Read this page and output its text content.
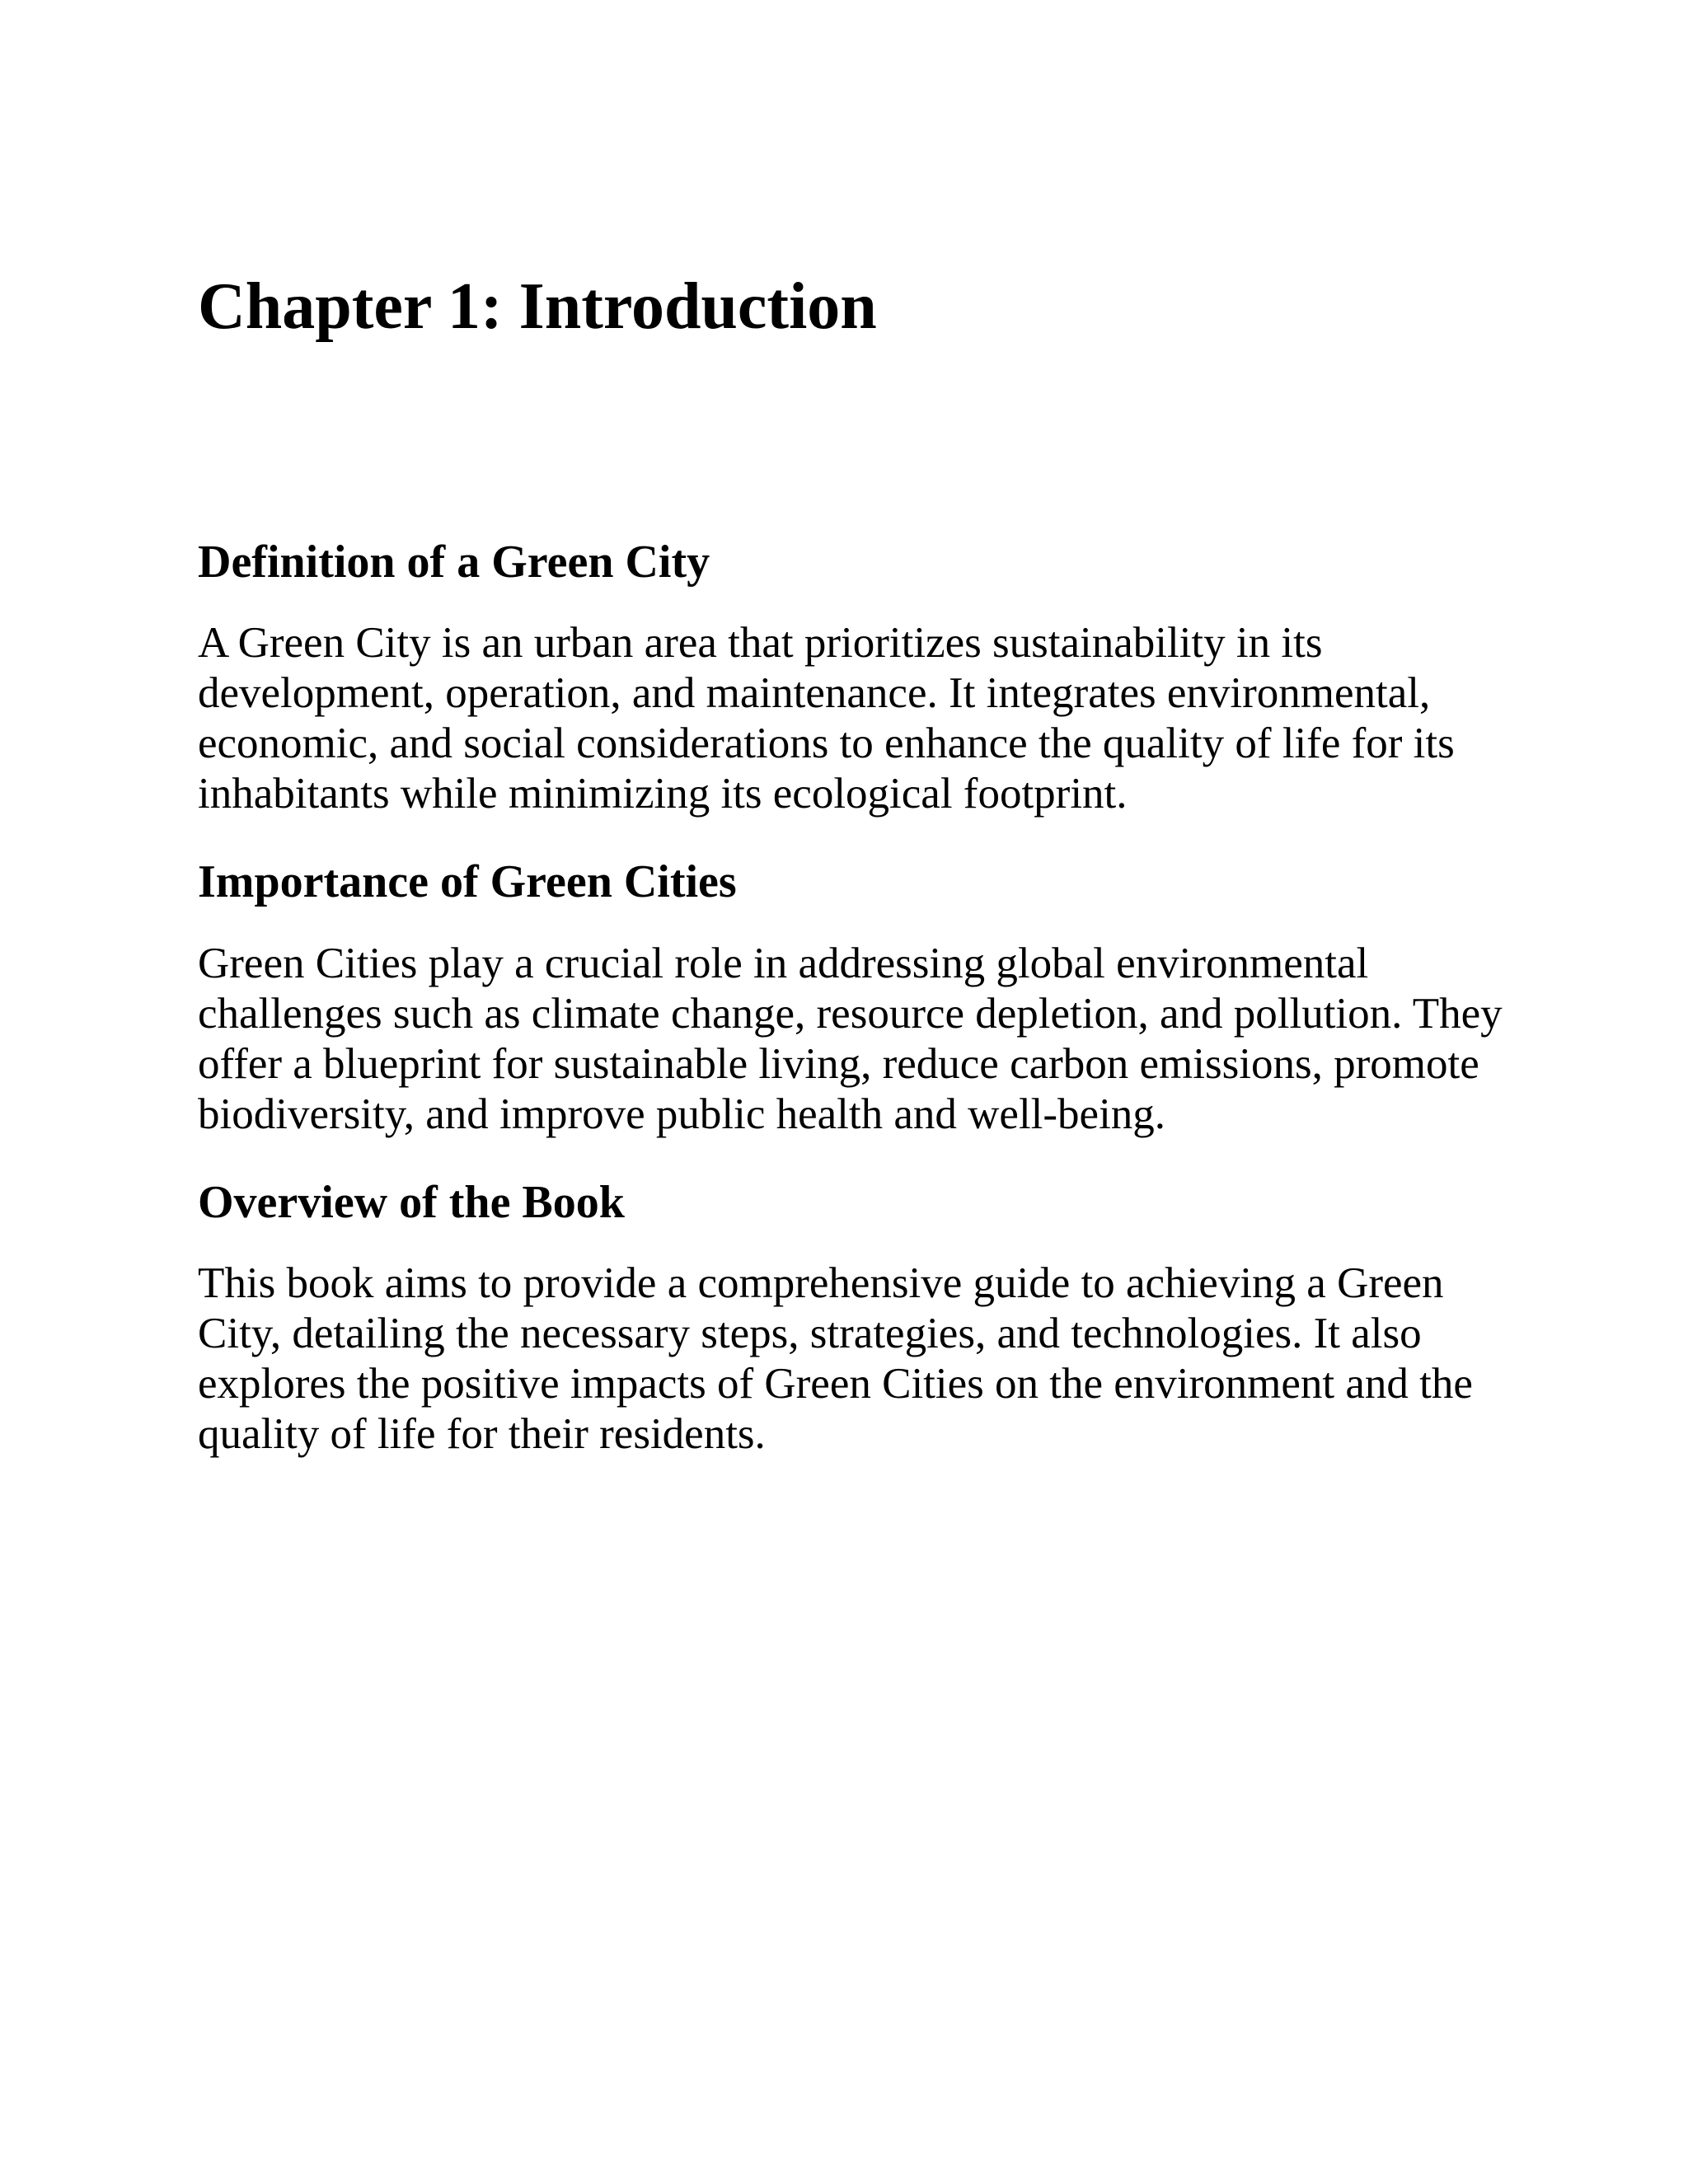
Chapter 1: Introduction
Definition of a Green City

A Green City is an urban area that prioritizes sustainability in its development, operation, and maintenance. It integrates environmental, economic, and social considerations to enhance the quality of life for its inhabitants while minimizing its ecological footprint.

Importance of Green Cities

Green Cities play a crucial role in addressing global environmental challenges such as climate change, resource depletion, and pollution. They offer a blueprint for sustainable living, reduce carbon emissions, promote biodiversity, and improve public health and well-being.

Overview of the Book

This book aims to provide a comprehensive guide to achieving a Green City, detailing the necessary steps, strategies, and technologies. It also explores the positive impacts of Green Cities on the environment and the quality of life for their residents.
